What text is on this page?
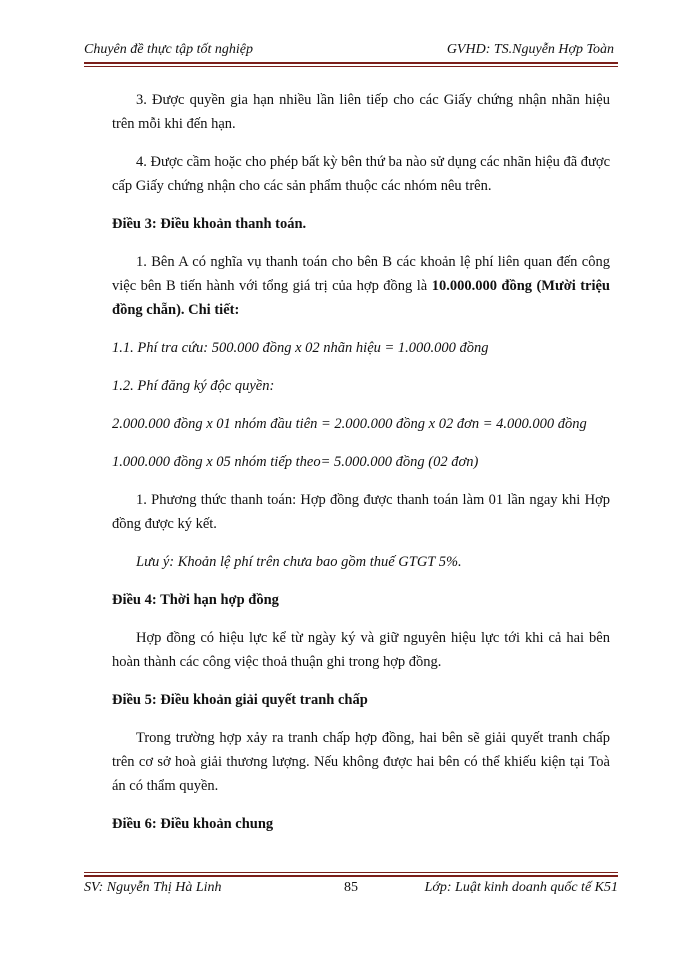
Chuyên đề thực tập tốt nghiệp	GVHD: TS.Nguyễn Hợp Toàn

3. Được quyền gia hạn nhiều lần liên tiếp cho các Giấy chứng nhận nhãn hiệu trên mỗi khi đến hạn.

4. Được cầm hoặc cho phép bất kỳ bên thứ ba nào sử dụng các nhãn hiệu đã được cấp Giấy chứng nhận cho các sản phẩm thuộc các nhóm nêu trên.

Điều 3: Điều khoản thanh toán.

1. Bên A có nghĩa vụ thanh toán cho bên B các khoản lệ phí liên quan đến công việc bên B tiến hành với tổng giá trị của hợp đồng là 10.000.000 đồng (Mười triệu đồng chẵn). Chi tiết:

1.1. Phí tra cứu: 500.000 đồng x 02 nhãn hiệu = 1.000.000 đồng

1.2. Phí đăng ký độc quyền:

2.000.000 đồng x 01 nhóm đầu tiên = 2.000.000 đồng x 02 đơn = 4.000.000 đồng

1.000.000 đồng x 05 nhóm tiếp theo= 5.000.000 đồng (02 đơn)

1. Phương thức thanh toán: Hợp đồng được thanh toán làm 01 lần ngay khi Hợp đồng được ký kết.

Lưu ý: Khoản lệ phí trên chưa bao gồm thuế GTGT 5%.

Điều 4: Thời hạn hợp đồng

Hợp đồng có hiệu lực kể từ ngày ký và giữ nguyên hiệu lực tới khi cả hai bên hoàn thành các công việc thoả thuận ghi trong hợp đồng.

Điều 5: Điều khoản giải quyết tranh chấp

Trong trường hợp xảy ra tranh chấp hợp đồng, hai bên sẽ giải quyết tranh chấp trên cơ sở hoà giải thương lượng. Nếu không được hai bên có thể khiếu kiện tại Toà án có thẩm quyền.

Điều 6: Điều khoản chung

SV: Nguyễn Thị Hà Linh	85	Lớp: Luật kinh doanh quốc tế K51
